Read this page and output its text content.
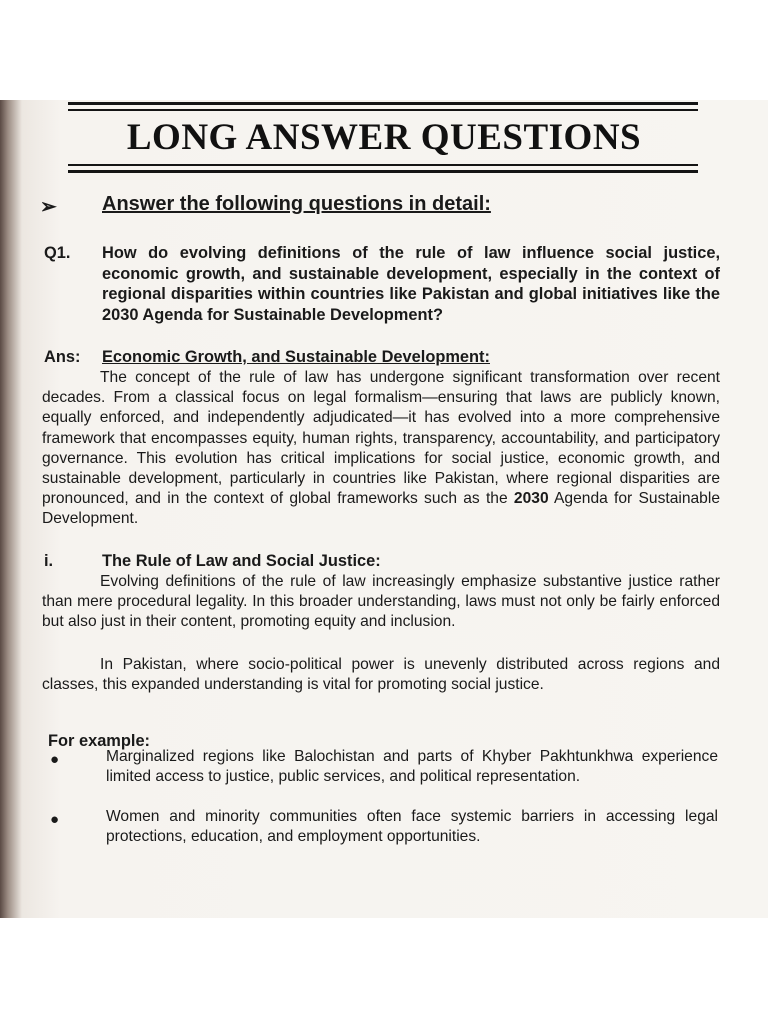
LONG ANSWER QUESTIONS
➢ Answer the following questions in detail:
Q1. How do evolving definitions of the rule of law influence social justice, economic growth, and sustainable development, especially in the context of regional disparities within countries like Pakistan and global initiatives like the 2030 Agenda for Sustainable Development?
Ans: Economic Growth, and Sustainable Development:
The concept of the rule of law has undergone significant transformation over recent decades. From a classical focus on legal formalism—ensuring that laws are publicly known, equally enforced, and independently adjudicated—it has evolved into a more comprehensive framework that encompasses equity, human rights, transparency, accountability, and participatory governance. This evolution has critical implications for social justice, economic growth, and sustainable development, particularly in countries like Pakistan, where regional disparities are pronounced, and in the context of global frameworks such as the 2030 Agenda for Sustainable Development.
i.	The Rule of Law and Social Justice:
Evolving definitions of the rule of law increasingly emphasize substantive justice rather than mere procedural legality. In this broader understanding, laws must not only be fairly enforced but also just in their content, promoting equity and inclusion.
In Pakistan, where socio-political power is unevenly distributed across regions and classes, this expanded understanding is vital for promoting social justice.
For example:
●	Marginalized regions like Balochistan and parts of Khyber Pakhtunkhwa experience limited access to justice, public services, and political representation.
●	Women and minority communities often face systemic barriers in accessing legal protections, education, and employment opportunities.
